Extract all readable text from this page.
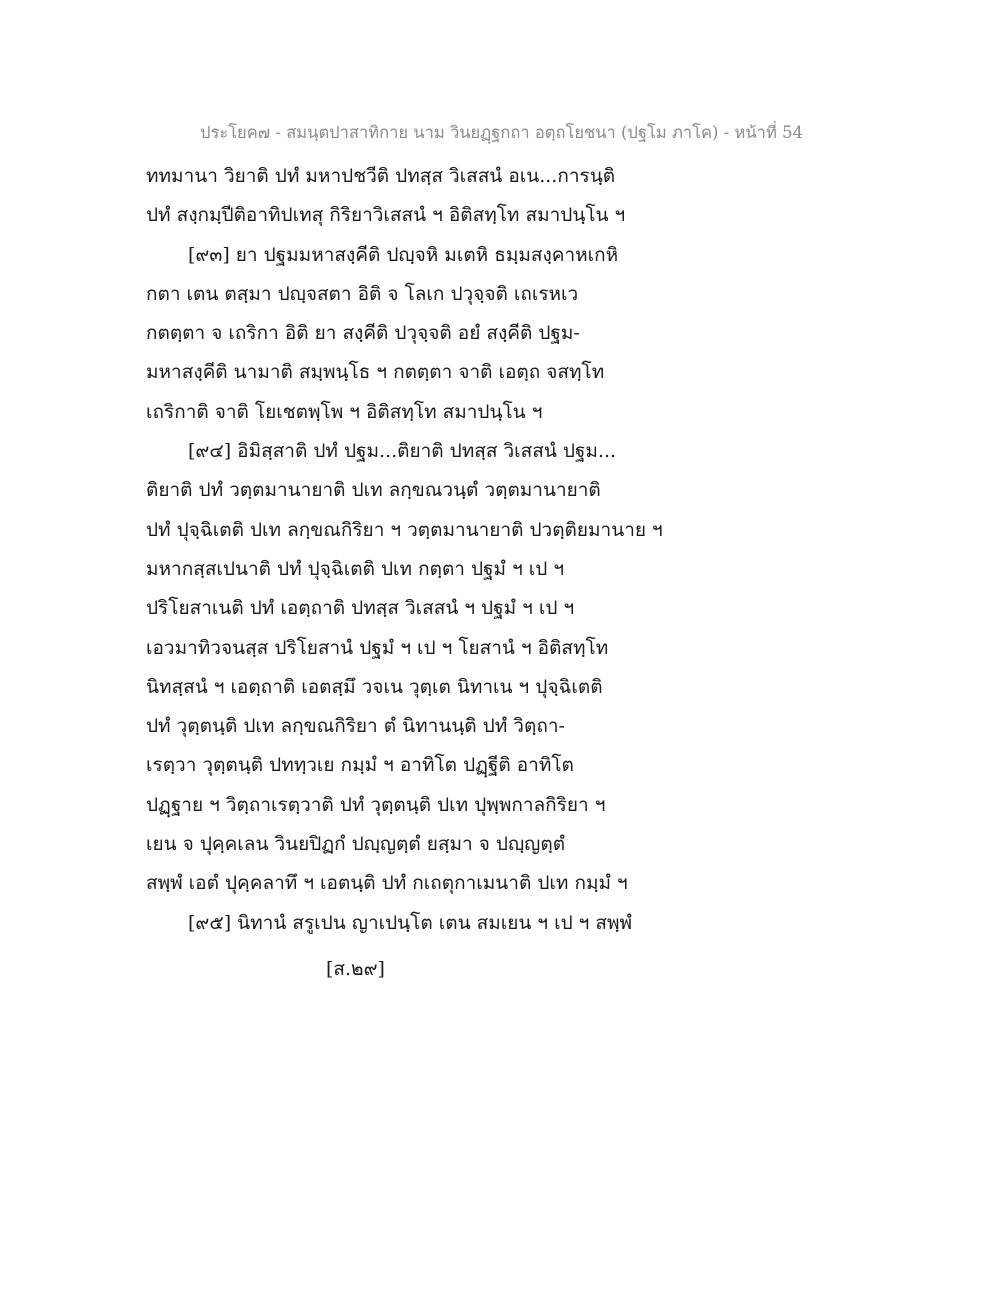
ประโยค๗ - สมนฺตปาสาทิกาย นาม วินยฏฺฐกถา อตฺถโยชนา (ปฐโม ภาโค) - หน้าที่ 54
ททมานา วิยาติ ปทํ มหาปชวีติ ปทสฺส วิเสสนํ อเน...การนฺติ
ปทํ สงฺกมฺปีติอาทิปเทสุ กิริยาวิเสสนํ ฯ อิติสทฺโท สมาปนฺโน ฯ
[๙๓] ยา ปฐมมหาสงฺคีติ ปญฺจหิ มเตหิ ธมฺมสงฺคาหเกหิ
กตา เตน ตสฺมา ปญฺจสตา อิติ จ โลเก ปวุจฺจติ เถเรหเว
กตตฺตา จ เถริกา อิติ ยา สงฺคีติ ปวุจฺจติ อยํ สงฺคีติ ปฐม-
มหาสงฺคีติ นามาติ สมฺพนฺโธ ฯ กตตฺตา จาติ เอตฺถ จสทฺโท
เถริกาติ จาติ โยเชตพฺโพ ฯ อิติสทฺโท สมาปนฺโน ฯ
[๙๔] อิมิสฺสาติ ปทํ ปฐม...ติยาติ ปทสฺส วิเสสนํ ปฐม...
ติยาติ ปทํ วตฺตมานายาติ ปเท ลกฺขณวนฺตํ วตฺตมานายาติ
ปทํ ปุจฺฉิเตติ ปเท ลกฺขณกิริยา ฯ วตฺตมานายาติ ปวตฺติยมานาย ฯ
มหากสฺสเปนาติ ปทํ ปุจฺฉิเตติ ปเท กตฺตา ปฐมํ ฯ เป ฯ
ปริโยสาเนติ ปทํ เอตฺถาติ ปทสฺส วิเสสนํ ฯ ปฐมํ ฯ เป ฯ
เอวมาทิวจนสฺส ปริโยสานํ ปฐมํ ฯ เป ฯ โยสานํ ฯ อิติสทฺโท
นิทสฺสนํ ฯ เอตฺถาติ เอตสฺมึ วจเน วุตฺเต นิทาเน ฯ ปุจฺฉิเตติ
ปทํ วุตฺตนฺติ ปเท ลกฺขณกิริยา ตํ นิทานนฺติ ปทํ วิตฺถา-
เรตฺวา วุตฺตนฺติ ปททฺวเย กมฺมํ ฯ อาทิโต ปฏฺฐีติ อาทิโต
ปฏฺฐาย ฯ วิตฺถาเรตฺวาติ ปทํ วุตฺตนฺติ ปเท ปุพฺพกาลกิริยา ฯ
เยน จ ปุคฺคเลน วินยปิฏกํ ปญฺญตฺตํ ยสฺมา จ ปญฺญตฺตํ
สพฺพํ เอตํ ปุคฺคลาทึ ฯ เอตนฺติ ปทํ กเถตุกาเมนาติ ปเท กมฺมํ ฯ
[๙๕] นิทานํ สรูเปน ญาเปนฺโต เตน สมเยน ฯ เป ฯ สพฺพํ
[ส.๒๙]
